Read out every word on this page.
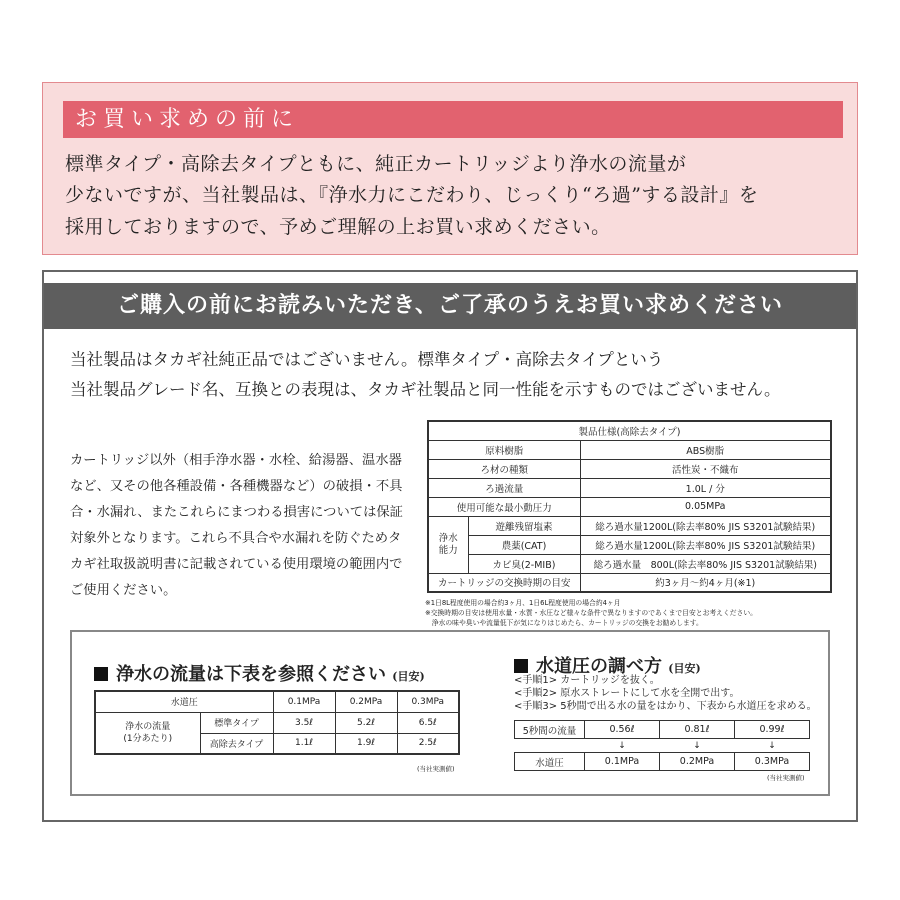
お買い求めの前に
標準タイプ・高除去タイプともに、純正カートリッジより浄水の流量が
少ないですが、当社製品は、『浄水力にこだわり、じっくり“ろ過”する設計』を
採用しておりますので、予めご理解の上お買い求めください。
ご購入の前にお読みいただき、ご了承のうえお買い求めください
当社製品はタカギ社純正品ではございません。標準タイプ・高除去タイプという
当社製品グレード名、互換との表現は、タカギ社製品と同一性能を示すものではございません。
カートリッジ以外（相手浄水器・水栓、給湯器、温水器など、又その他各種設備・各種機器など）の破損・不具合・水漏れ、またこれらにまつわる損害については保証対象外となります。これら不具合や水漏れを防ぐためタカギ社取扱説明書に記載されている使用環境の範囲内でご使用ください。
製品仕様(高除去タイプ)		
原料樹脂		ABS樹脂
ろ材の種類		活性炭・不織布
ろ過流量		1.0L / 分
使用可能な最小動圧力		0.05MPa
浄水能力	遊離残留塩素	総ろ過水量1200L(除去率80% JIS S3201試験結果)
	農薬(CAT)	総ろ過水量1200L(除去率80% JIS S3201試験結果)
	カビ臭(2-MIB)	総ろ過水量　800L(除去率80% JIS S3201試験結果)
カートリッジの交換時期の目安		約3ヶ月～約4ヶ月(※1)
※1日8L程度使用の場合約3ヶ月、1日6L程度使用の場合約4ヶ月
※交換時期の目安は使用水量・水質・水圧など様々な条件で異なりますのであくまで目安とお考えください。
　浄水の味や臭いや流量低下が気になりはじめたら、カートリッジの交換をお勧めします。
浄水の流量は下表を参照ください (目安)
水道圧		0.1MPa	0.2MPa	0.3MPa
浄水の流量
(1分あたり)	標準タイプ	3.5ℓ	5.2ℓ	6.5ℓ
	高除去タイプ	1.1ℓ	1.9ℓ	2.5ℓ
(当社実測値)
水道圧の調べ方 (目安)
<手順1> カートリッジを抜く。
<手順2> 原水ストレートにして水を全開で出す。
<手順3> 5秒間で出る水の量をはかり、下表から水道圧を求める。
5秒間の流量	0.56ℓ	0.81ℓ	0.99ℓ
	↓	↓	↓
水道圧	0.1MPa	0.2MPa	0.3MPa
(当社実測値)
